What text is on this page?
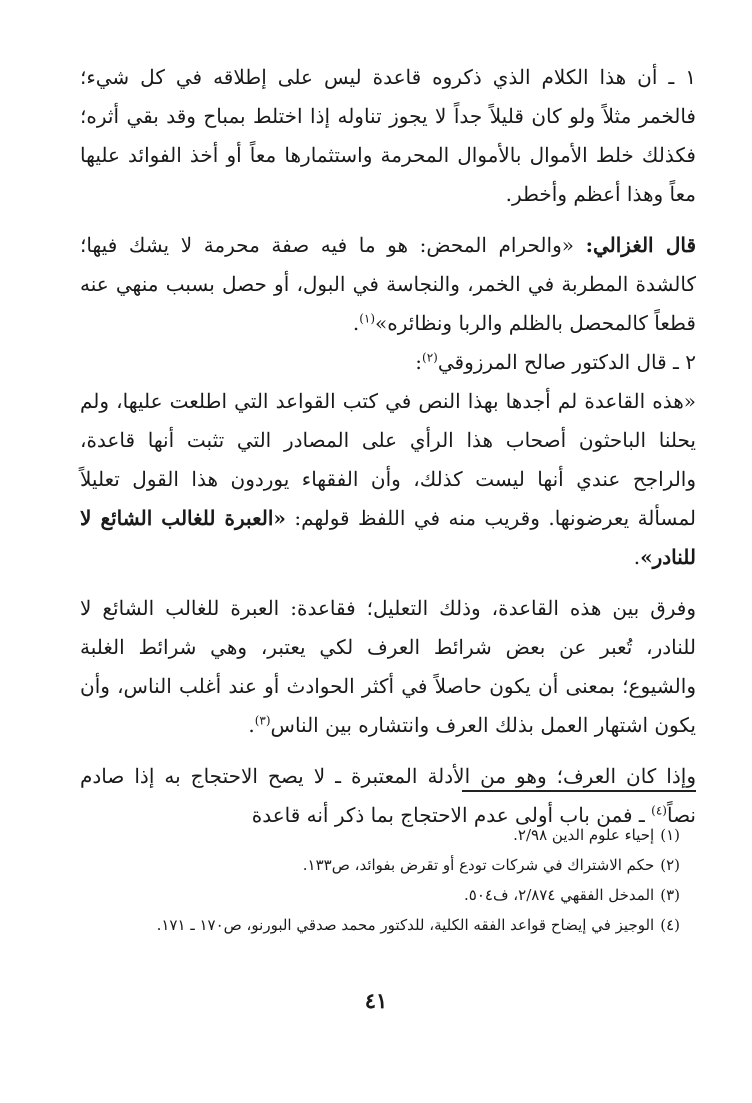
١ ـ أن هذا الكلام الذي ذكروه قاعدة ليس على إطلاقه في كل شيء؛ فالخمر مثلاً ولو كان قليلاً جداً لا يجوز تناوله إذا اختلط بمباح وقد بقي أثره؛ فكذلك خلط الأموال بالأموال المحرمة واستثمارها معاً أو أخذ الفوائد عليها معاً وهذا أعظم وأخطر.

قال الغزالي: «والحرام المحض: هو ما فيه صفة محرمة لا يشك فيها؛ كالشدة المطربة في الخمر، والنجاسة في البول، أو حصل بسبب منهي عنه قطعاً كالمحصل بالظلم والربا ونظائره»$^{(١)}$.

٢ ـ قال الدكتور صالح المرزوقي$^{(٢)}$:

«هذه القاعدة لم أجدها بهذا النص في كتب القواعد التي اطلعت عليها، ولم يحلنا الباحثون أصحاب هذا الرأي على المصادر التي تثبت أنها قاعدة، والراجح عندي أنها ليست كذلك، وأن الفقهاء يوردون هذا القول تعليلاً لمسألة يعرضونها. وقريب منه في اللفظ قولهم: «العبرة للغالب الشائع لا للنادر».

وفرق بين هذه القاعدة، وذلك التعليل؛ فقاعدة: العبرة للغالب الشائع لا للنادر، تُعبر عن بعض شرائط العرف لكي يعتبر، وهي شرائط الغلبة والشيوع؛ بمعنى أن يكون حاصلاً في أكثر الحوادث أو عند أغلب الناس، وأن يكون اشتهار العمل بذلك العرف وانتشاره بين الناس$^{(٣)}$.

وإذا كان العرف؛ وهو من الأدلة المعتبرة ـ لا يصح الاحتجاج به إذا صادم نصاً$^{(٤)}$ ـ فمن باب أولى عدم الاحتجاج بما ذكر أنه قاعدة

(١)إحياء علوم الدين ٢/٩٨.

(٢)حكم الاشتراك في شركات تودع أو تقرض بفوائد، ص١٣٣.

(٣)المدخل الفقهي ٢/٨٧٤، ف٥٠٤.

(٤)الوجيز في إيضاح قواعد الفقه الكلية، للدكتور محمد صدقي البورنو، ص١٧٠ ـ ١٧١.

٤١
